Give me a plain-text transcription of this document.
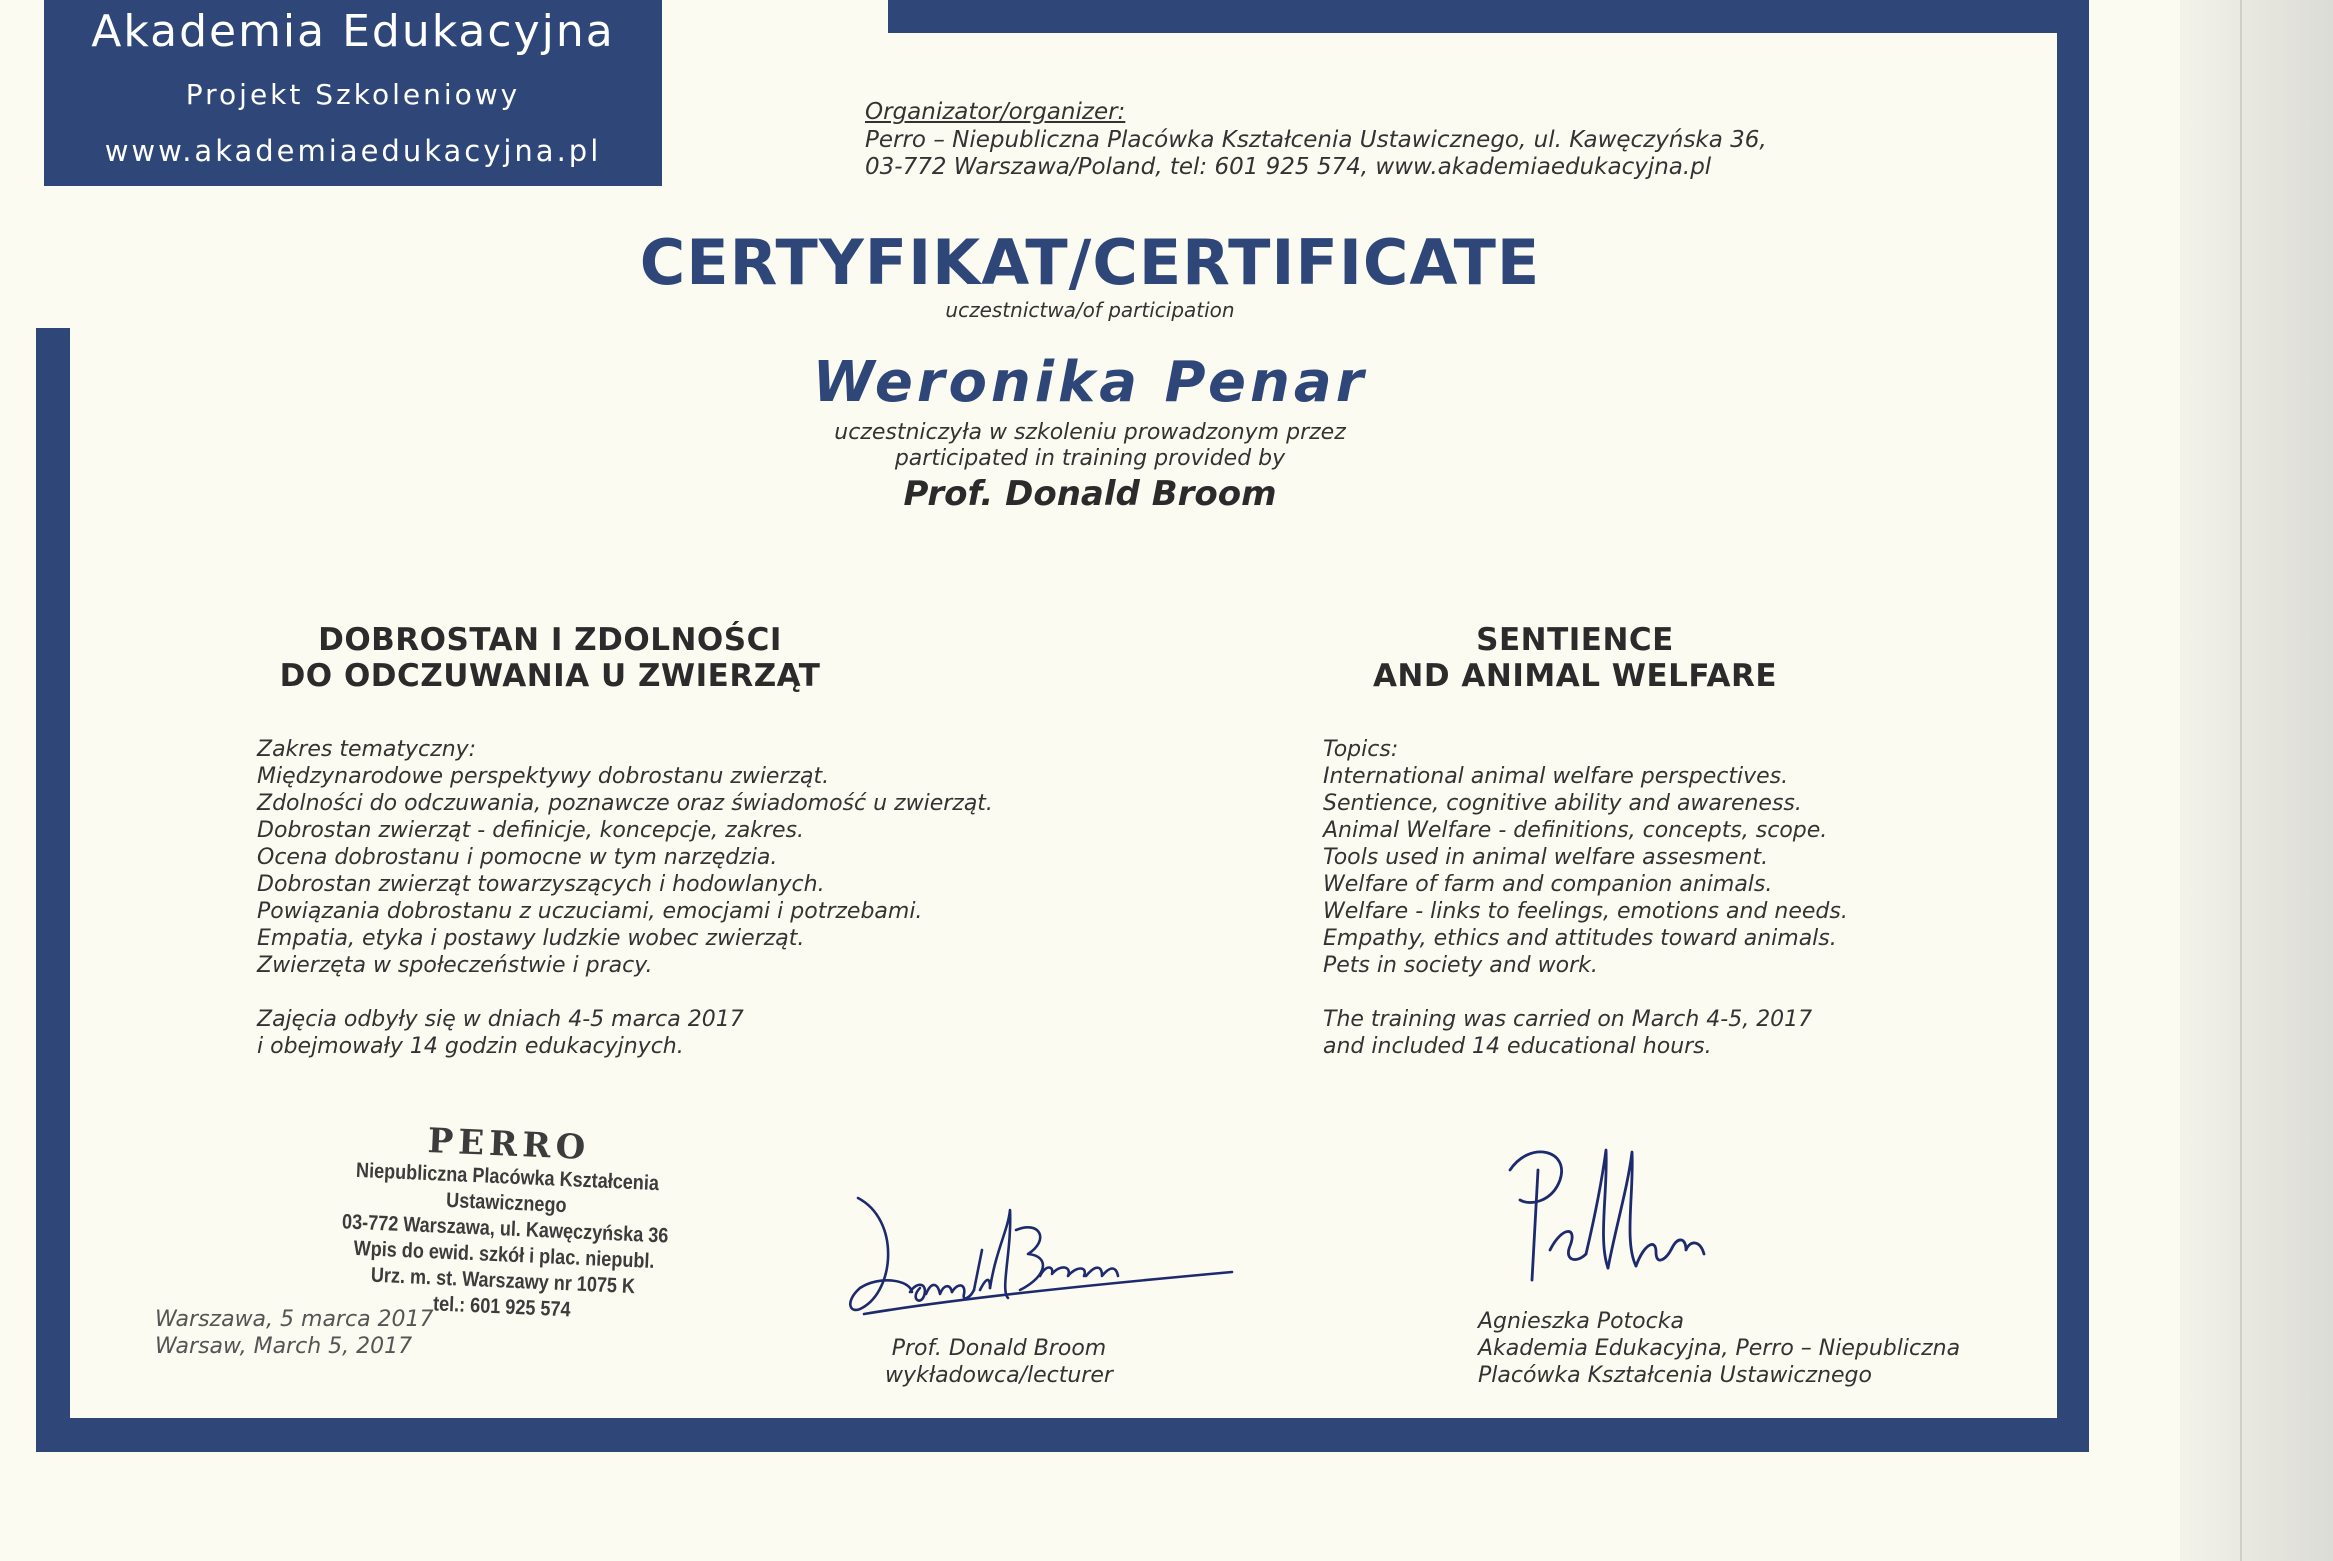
Akademia Edukacyjna
Projekt Szkoleniowy
www.akademiaedukacyjna.pl
Organizator/organizer:
Perro – Niepubliczna Placówka Kształcenia Ustawicznego, ul. Kawęczyńska 36,
03-772 Warszawa/Poland, tel: 601 925 574, www.akademiaedukacyjna.pl
CERTYFIKAT/CERTIFICATE
uczestnictwa/of participation
Weronika Penar
uczestniczyła w szkoleniu prowadzonym przez
participated in training provided by
Prof. Donald Broom
DOBROSTAN I ZDOLNOŚCI
DO ODCZUWANIA U ZWIERZĄT
Zakres tematyczny:
Międzynarodowe perspektywy dobrostanu zwierząt.
Zdolności do odczuwania, poznawcze oraz świadomość u zwierząt.
Dobrostan zwierząt - definicje, koncepcje, zakres.
Ocena dobrostanu i pomocne w tym narzędzia.
Dobrostan zwierząt towarzyszących i hodowlanych.
Powiązania dobrostanu z uczuciami, emocjami i potrzebami.
Empatia, etyka i postawy ludzkie wobec zwierząt.
Zwierzęta w społeczeństwie i pracy.
Zajęcia odbyły się w dniach 4-5 marca 2017
i obejmowały 14 godzin edukacyjnych.
SENTIENCE
AND ANIMAL WELFARE
Topics:
International animal welfare perspectives.
Sentience, cognitive ability and awareness.
Animal Welfare - definitions, concepts, scope.
Tools used in animal welfare assesment.
Welfare of farm and companion animals.
Welfare - links to feelings, emotions and needs.
Empathy, ethics and attitudes toward animals.
Pets in society and work.
The training was carried on March 4-5, 2017
and included 14 educational hours.
PERRO
Niepubliczna Placówka Kształcenia Ustawicznego
03-772 Warszawa, ul. Kawęczyńska 36
Wpis do ewid. szkół i plac. niepubl.
Urz. m. st. Warszawy nr 1075 K
tel.: 601 925 574
Warszawa, 5 marca 2017
Warsaw, March 5, 2017	Prof. Donald Broom
wykładowca/lecturer
Agnieszka Potocka
Akademia Edukacyjna, Perro – Niepubliczna
Placówka Kształcenia Ustawicznego
